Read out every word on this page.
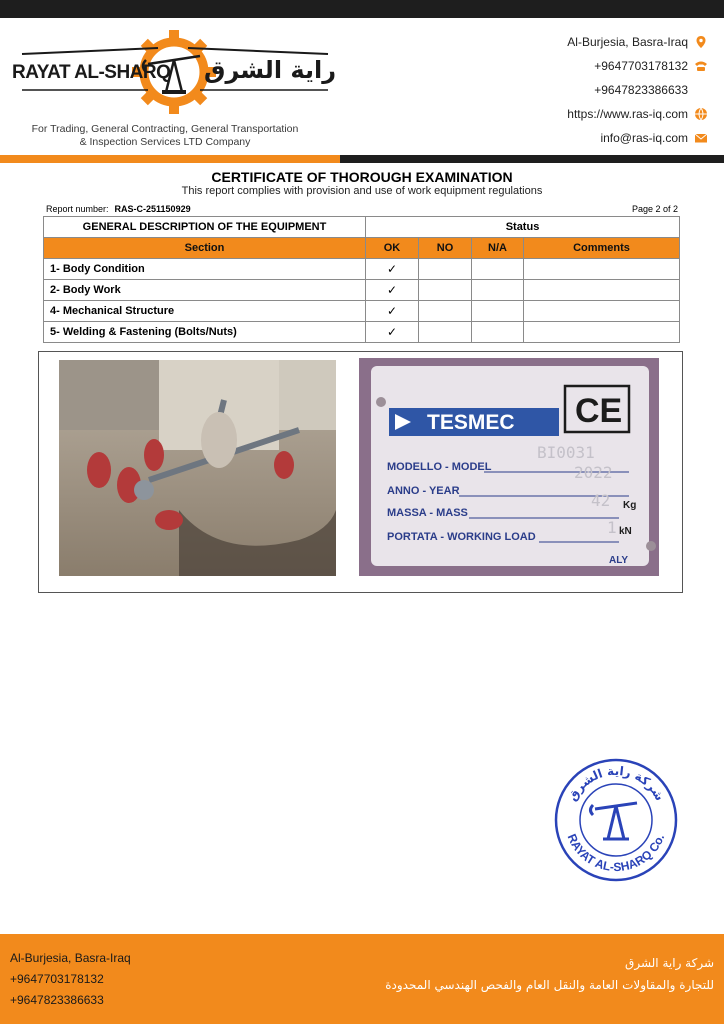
RAYAT AL-SHARQ راية الشرق
For Trading, General Contracting, General Transportation
& Inspection Services LTD Company
Al-Burjesia, Basra-Iraq
+9647703178132
+9647823386633
https://www.ras-iq.com
info@ras-iq.com
CERTIFICATE OF THOROUGH EXAMINATION
This report complies with provision and use of work equipment regulations
Report number: RAS-C-251150929	Page 2 of 2
GENERAL DESCRIPTION OF THE EQUIPMENT	Status			
Section	OK	NO	N/A	Comments
1- Body Condition	✓			
2- Body Work	✓			
4- Mechanical Structure	✓			
5- Welding & Fastening (Bolts/Nuts)	✓			
TESMEC CE
MODELLO - MODEL
ANNO - YEAR
MASSA - MASS
PORTATA - WORKING LOAD
ALY
BI0031
2022
42
1
Kg
kN
شركة راية الشرق
RAYAT AL-SHARQ Co.
Al-Burjesia, Basra-Iraq
+9647703178132
+9647823386633
شركة راية الشرق
للتجارة والمقاولات العامة والنقل العام والفحص الهندسي المحدودة
